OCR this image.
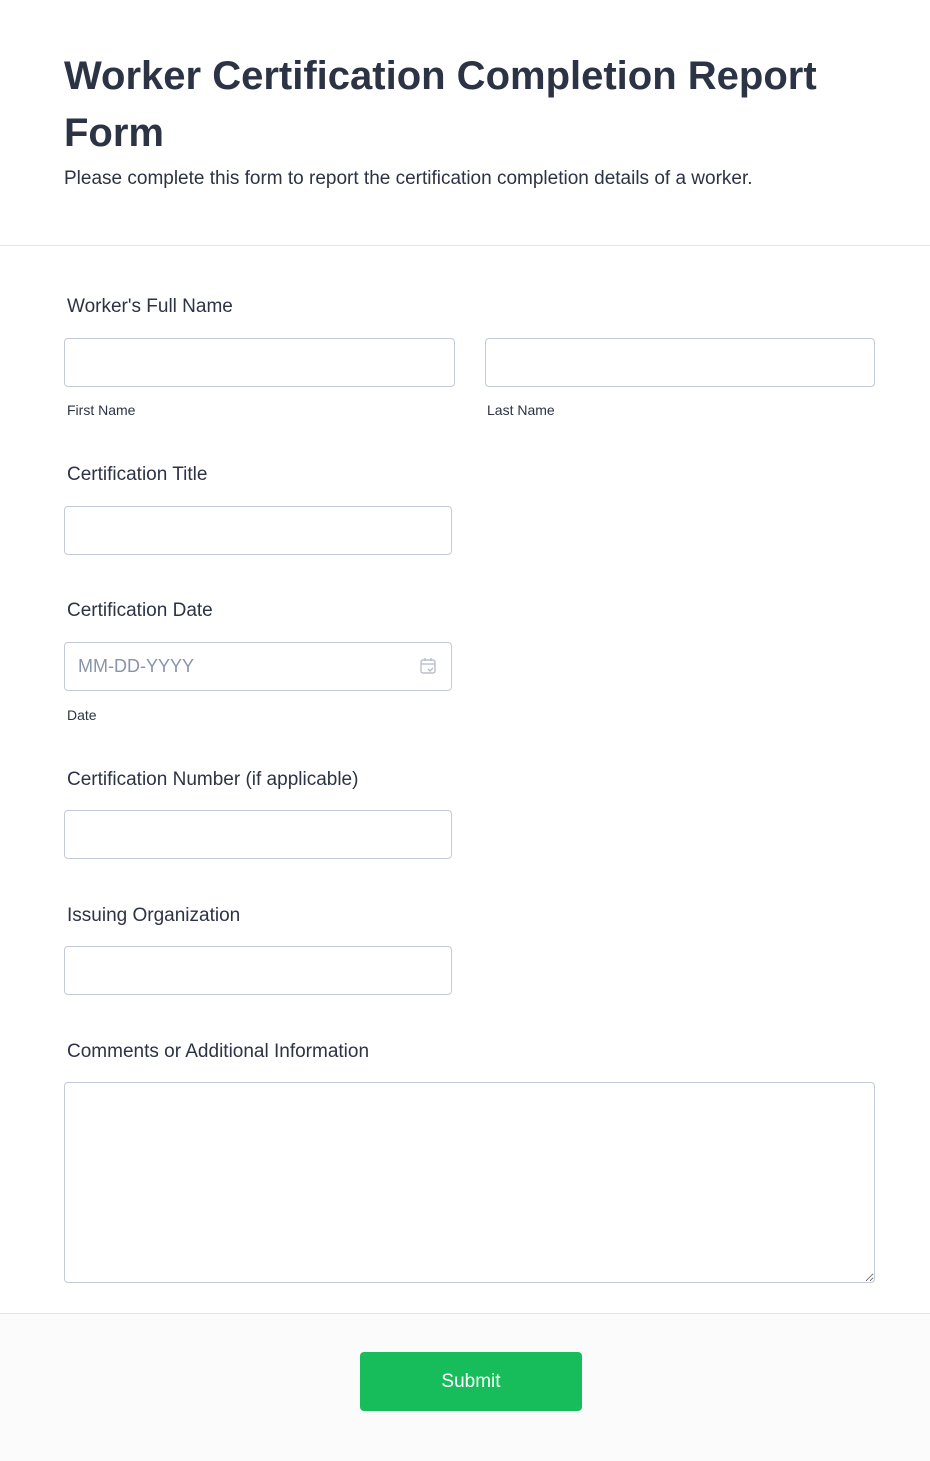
Worker Certification Completion Report Form

Please complete this form to report the certification completion details of a worker.

Worker's Full Name
First Name	Last Name
Certification Title
Certification Date
MM-DD-YYYY
Date
Certification Number (if applicable)
Issuing Organization
Comments or Additional Information
Submit
